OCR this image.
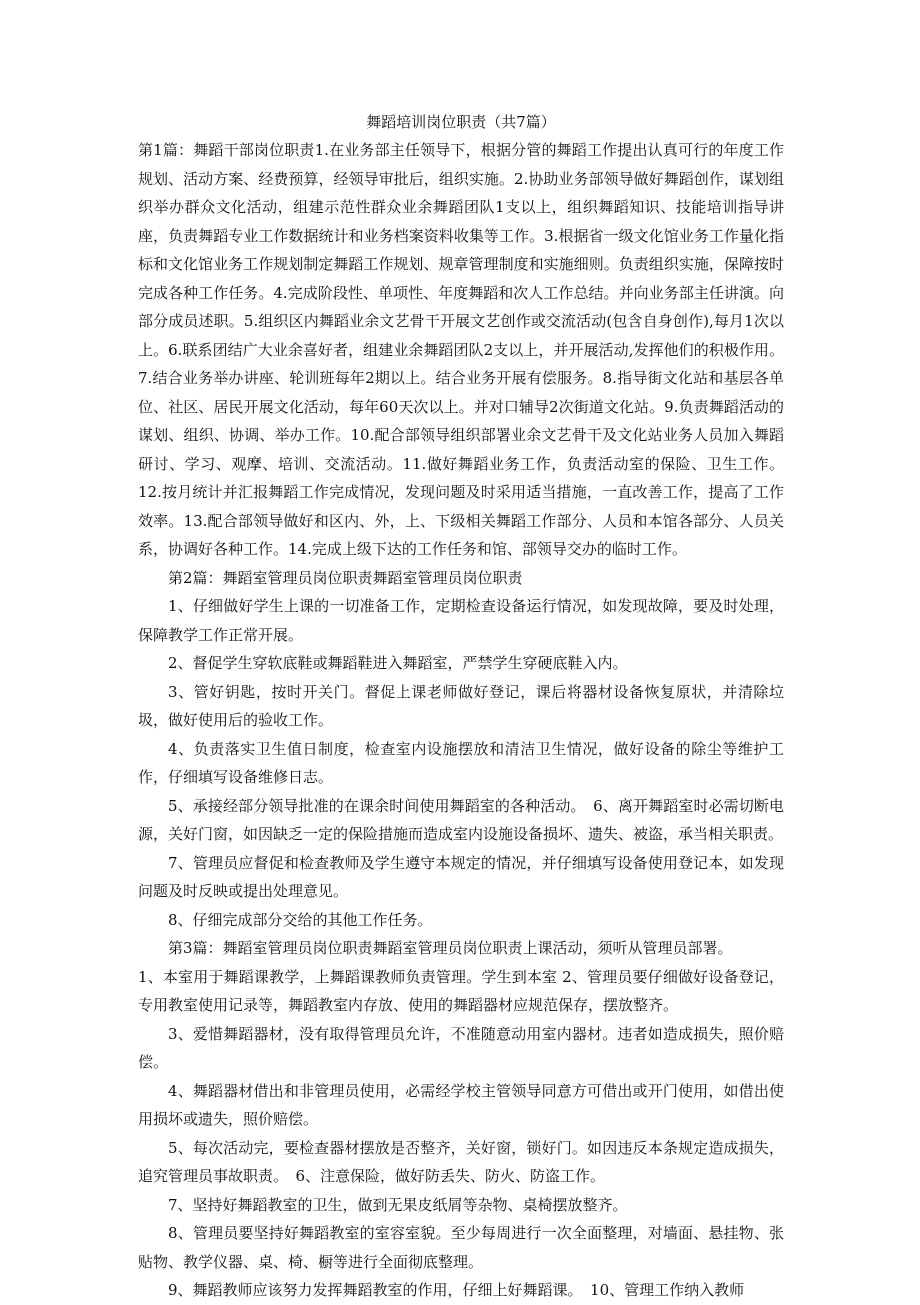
舞蹈培训岗位职责（共7篇）

第1篇：舞蹈干部岗位职责1.在业务部主任领导下，根据分管的舞蹈工作提出认真可行的年度工作规划、活动方案、经费预算，经领导审批后，组织实施。2.协助业务部领导做好舞蹈创作，谋划组织举办群众文化活动，组建示范性群众业余舞蹈团队1支以上，组织舞蹈知识、技能培训指导讲座，负责舞蹈专业工作数据统计和业务档案资料收集等工作。3.根据省一级文化馆业务工作量化指标和文化馆业务工作规划制定舞蹈工作规划、规章管理制度和实施细则。负责组织实施，保障按时完成各种工作任务。4.完成阶段性、单项性、年度舞蹈和次人工作总结。并向业务部主任讲演。向部分成员述职。5.组织区内舞蹈业余文艺骨干开展文艺创作或交流活动(包含自身创作),每月1次以上。6.联系团结广大业余喜好者，组建业余舞蹈团队2支以上，并开展活动,发挥他们的积极作用。7.结合业务举办讲座、轮训班每年2期以上。结合业务开展有偿服务。8.指导街文化站和基层各单位、社区、居民开展文化活动，每年60天次以上。并对口辅导2次街道文化站。9.负责舞蹈活动的谋划、组织、协调、举办工作。10.配合部领导组织部署业余文艺骨干及文化站业务人员加入舞蹈研讨、学习、观摩、培训、交流活动。11.做好舞蹈业务工作，负责活动室的保险、卫生工作。12.按月统计并汇报舞蹈工作完成情况，发现问题及时采用适当措施，一直改善工作，提高了工作效率。13.配合部领导做好和区内、外，上、下级相关舞蹈工作部分、人员和本馆各部分、人员关系，协调好各种工作。14.完成上级下达的工作任务和馆、部领导交办的临时工作。

第2篇：舞蹈室管理员岗位职责舞蹈室管理员岗位职责

1、仔细做好学生上课的一切准备工作，定期检查设备运行情况，如发现故障，要及时处理，保障教学工作正常开展。

2、督促学生穿软底鞋或舞蹈鞋进入舞蹈室，严禁学生穿硬底鞋入内。

3、管好钥匙，按时开关门。督促上课老师做好登记，课后将器材设备恢复原状，并清除垃圾，做好使用后的验收工作。

4、负责落实卫生值日制度，检查室内设施摆放和清洁卫生情况，做好设备的除尘等维护工作，仔细填写设备维修日志。

5、承接经部分领导批准的在课余时间使用舞蹈室的各种活动。　6、离开舞蹈室时必需切断电源，关好门窗，如因缺乏一定的保险措施而造成室内设施设备损坏、遗失、被盗，承当相关职责。

7、管理员应督促和检查教师及学生遵守本规定的情况，并仔细填写设备使用登记本，如发现问题及时反映或提出处理意见。

8、仔细完成部分交给的其他工作任务。

第3篇：舞蹈室管理员岗位职责舞蹈室管理员岗位职责上课活动，须听从管理员部署。

1、本室用于舞蹈课教学，上舞蹈课教师负责管理。学生到本室 2、管理员要仔细做好设备登记，专用教室使用记录等，舞蹈教室内存放、使用的舞蹈器材应规范保存，摆放整齐。

3、爱惜舞蹈器材，没有取得管理员允许，不准随意动用室内器材。违者如造成损失，照价赔偿。

4、舞蹈器材借出和非管理员使用，必需经学校主管领导同意方可借出或开门使用，如借出使用损坏或遗失，照价赔偿。

5、每次活动完，要检查器材摆放是否整齐，关好窗，锁好门。如因违反本条规定造成损失，追究管理员事故职责。　6、注意保险，做好防丢失、防火、防盗工作。

7、坚持好舞蹈教室的卫生，做到无果皮纸屑等杂物、桌椅摆放整齐。

8、管理员要坚持好舞蹈教室的室容室貌。至少每周进行一次全面整理，对墙面、悬挂物、张贴物、教学仪器、桌、椅、橱等进行全面彻底整理。

9、舞蹈教师应该努力发挥舞蹈教室的作用，仔细上好舞蹈课。　10、管理工作纳入教师
